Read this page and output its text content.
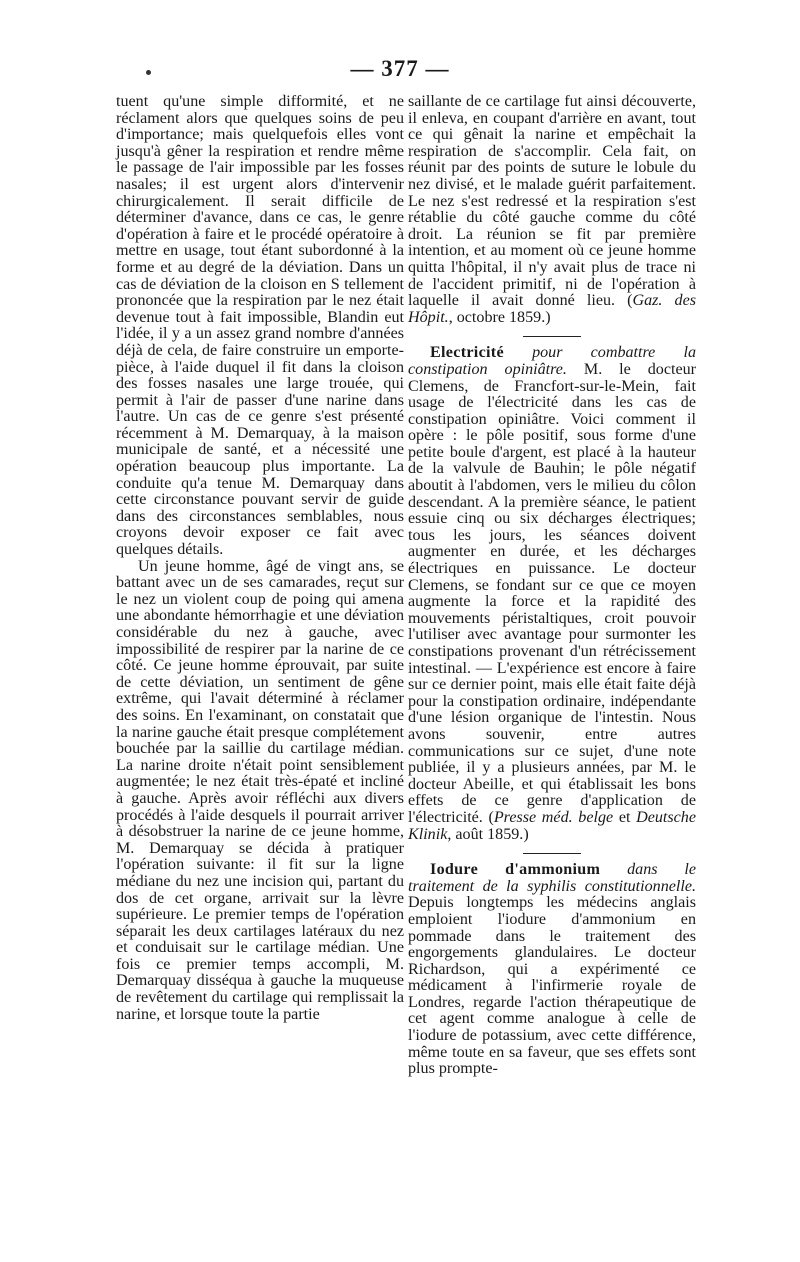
— 377 —

tuent qu'une simple difformité, et ne réclament alors que quelques soins de peu d'importance; mais quelquefois elles vont jusqu'à gêner la respiration et rendre même le passage de l'air impossible par les fosses nasales; il est urgent alors d'intervenir chirurgicalement. Il serait difficile de déterminer d'avance, dans ce cas, le genre d'opération à faire et le procédé opératoire à mettre en usage, tout étant subordonné à la forme et au degré de la déviation. Dans un cas de déviation de la cloison en S tellement prononcée que la respiration par le nez était devenue tout à fait impossible, Blandin eut l'idée, il y a un assez grand nombre d'années déjà de cela, de faire construire un emporte-pièce, à l'aide duquel il fit dans la cloison des fosses nasales une large trouée, qui permit à l'air de passer d'une narine dans l'autre. Un cas de ce genre s'est présenté récemment à M. Demarquay, à la maison municipale de santé, et a nécessité une opération beaucoup plus importante. La conduite qu'a tenue M. Demarquay dans cette circonstance pouvant servir de guide dans des circonstances semblables, nous croyons devoir exposer ce fait avec quelques détails.

Un jeune homme, âgé de vingt ans, se battant avec un de ses camarades, reçut sur le nez un violent coup de poing qui amena une abondante hémorrhagie et une déviation considérable du nez à gauche, avec impossibilité de respirer par la narine de ce côté. Ce jeune homme éprouvait, par suite de cette déviation, un sentiment de gêne extrême, qui l'avait déterminé à réclamer des soins. En l'examinant, on constatait que la narine gauche était presque complétement bouchée par la saillie du cartilage médian. La narine droite n'était point sensiblement augmentée; le nez était très-épaté et incliné à gauche. Après avoir réfléchi aux divers procédés à l'aide desquels il pourrait arriver à désobstruer la narine de ce jeune homme, M. Demarquay se décida à pratiquer l'opération suivante: il fit sur la ligne médiane du nez une incision qui, partant du dos de cet organe, arrivait sur la lèvre supérieure. Le premier temps de l'opération séparait les deux cartilages latéraux du nez et conduisait sur le cartilage médian. Une fois ce premier temps accompli, M. Demarquay disséqua à gauche la muqueuse de revêtement du cartilage qui remplissait la narine, et lorsque toute la partie

saillante de ce cartilage fut ainsi découverte, il enleva, en coupant d'arrière en avant, tout ce qui gênait la narine et empêchait la respiration de s'accomplir. Cela fait, on réunit par des points de suture le lobule du nez divisé, et le malade guérit parfaitement. Le nez s'est redressé et la respiration s'est rétablie du côté gauche comme du côté droit. La réunion se fit par première intention, et au moment où ce jeune homme quitta l'hôpital, il n'y avait plus de trace ni de l'accident primitif, ni de l'opération à laquelle il avait donné lieu. (Gaz. des Hôpit., octobre 1859.)

Electricité pour combattre la constipation opiniâtre. M. le docteur Clemens, de Francfort-sur-le-Mein, fait usage de l'électricité dans les cas de constipation opiniâtre. Voici comment il opère : le pôle positif, sous forme d'une petite boule d'argent, est placé à la hauteur de la valvule de Bauhin; le pôle négatif aboutit à l'abdomen, vers le milieu du côlon descendant. A la première séance, le patient essuie cinq ou six décharges électriques; tous les jours, les séances doivent augmenter en durée, et les décharges électriques en puissance. Le docteur Clemens, se fondant sur ce que ce moyen augmente la force et la rapidité des mouvements péristaltiques, croit pouvoir l'utiliser avec avantage pour surmonter les constipations provenant d'un rétrécissement intestinal. — L'expérience est encore à faire sur ce dernier point, mais elle était faite déjà pour la constipation ordinaire, indépendante d'une lésion organique de l'intestin. Nous avons souvenir, entre autres communications sur ce sujet, d'une note publiée, il y a plusieurs années, par M. le docteur Abeille, et qui établissait les bons effets de ce genre d'application de l'électricité. (Presse méd. belge et Deutsche Klinik, août 1859.)

Iodure d'ammonium dans le traitement de la syphilis constitutionnelle. Depuis longtemps les médecins anglais emploient l'iodure d'ammonium en pommade dans le traitement des engorgements glandulaires. Le docteur Richardson, qui a expérimenté ce médicament à l'infirmerie royale de Londres, regarde l'action thérapeutique de cet agent comme analogue à celle de l'iodure de potassium, avec cette différence, même toute en sa faveur, que ses effets sont plus prompte-
